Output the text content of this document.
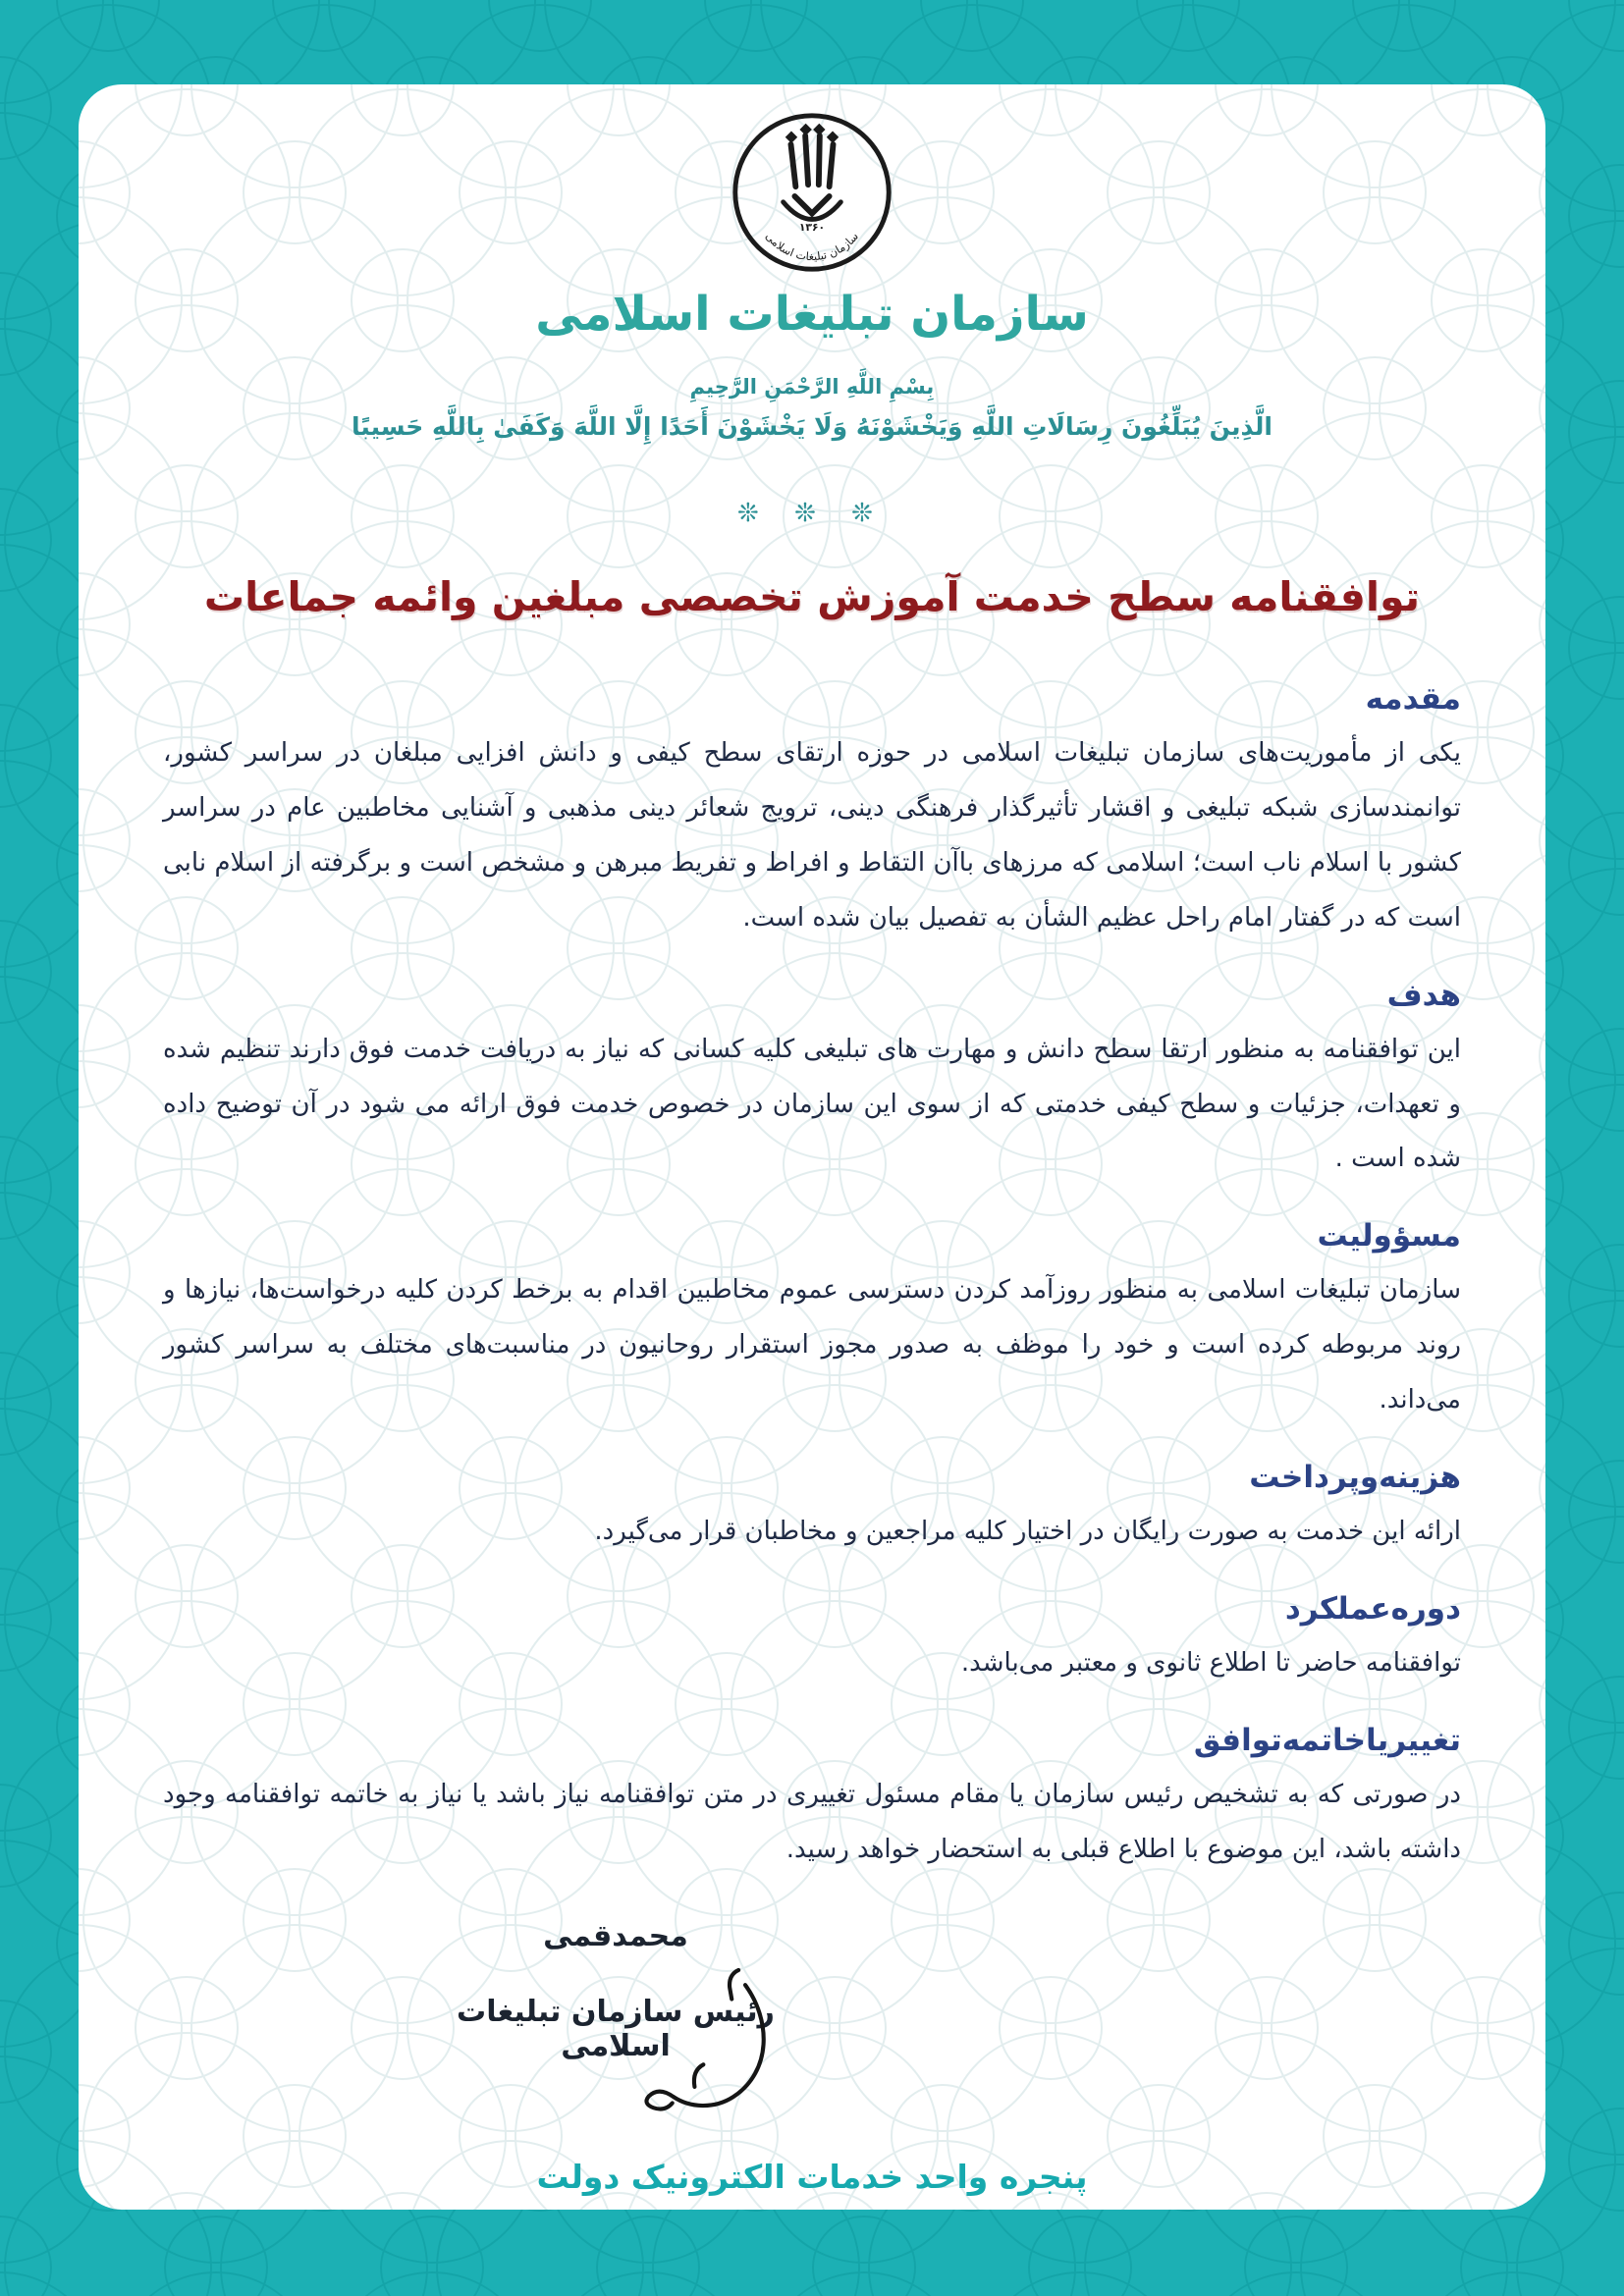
۱۳۶۰
سازمان تبلیغات اسلامی
سازمان تبلیغات اسلامی
بِسْمِ اللَّهِ الرَّحْمَنِ الرَّحِيمِ
الَّذِينَ يُبَلِّغُونَ رِسَالَاتِ اللَّهِ وَيَخْشَوْنَهُ وَلَا يَخْشَوْنَ أَحَدًا إِلَّا اللَّهَ وَكَفَىٰ بِاللَّهِ حَسِيبًا
❊ ❊ ❊
توافقنامه سطح خدمت آموزش تخصصی مبلغین وائمه جماعات
مقدمه
یکی از مأموریت‌های سازمان تبلیغات اسلامی در حوزه ارتقای سطح کیفی و دانش افزایی مبلغان در سراسر کشور، توانمندسازی شبکه تبلیغی و اقشار تأثیرگذار فرهنگی دینی، ترویج شعائر دینی مذهبی و آشنایی مخاطبین عام در سراسر کشور با اسلام ناب است؛ اسلامی که مرزهای باآن التقاط و افراط و تفریط مبرهن و مشخص است و برگرفته از اسلام نابی است که در گفتار امام راحل عظیم الشأن به تفصیل بیان شده است.
هدف
این توافقنامه به منظور ارتقا سطح دانش و مهارت های تبلیغی کلیه کسانی که نیاز به دریافت خدمت فوق دارند تنظیم شده و تعهدات، جزئیات و سطح کیفی خدمتی که از سوی این سازمان در خصوص خدمت فوق ارائه می شود در آن توضیح داده شده است .
مسؤولیت
سازمان تبلیغات اسلامی به منظور روزآمد کردن دسترسی عموم مخاطبین اقدام به برخط کردن کلیه درخواست‌ها، نیازها و روند مربوطه کرده است و خود را موظف به صدور مجوز استقرار روحانیون در مناسبت‌های مختلف به سراسر کشور می‌داند.
هزینه‌وپرداخت
ارائه این خدمت به صورت رایگان در اختیار کلیه مراجعین و مخاطبان قرار می‌گیرد.
دوره‌عملکرد
توافقنامه حاضر تا اطلاع ثانوی و معتبر می‌باشد.
تغییریاخاتمه‌توافق
در صورتی که به تشخیص رئیس سازمان یا مقام مسئول تغییری در متن توافقنامه نیاز باشد یا نیاز به خاتمه توافقنامه وجود داشته باشد، این موضوع با اطلاع قبلی به استحضار خواهد رسید.
محمدقمی
رئیس سازمان تبلیغات اسلامی
پنجره واحد خدمات الکترونیک دولت
